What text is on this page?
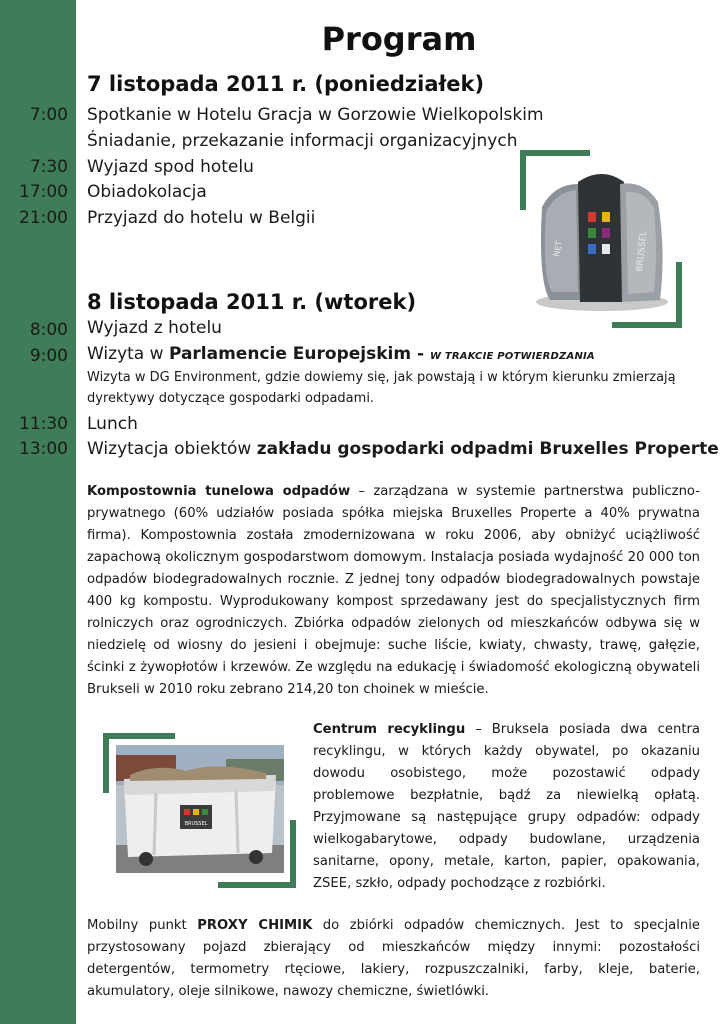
Program
7 listopada 2011 r. (poniedziałek)
7:00 Spotkanie w Hotelu Gracja w Gorzowie Wielkopolskim
Śniadanie, przekazanie informacji organizacyjnych
7:30 Wyjazd spod hotelu
17:00 Obiadokolacja
21:00 Przyjazd do hotelu w Belgii
NET	BRUSSEL
8 listopada 2011 r. (wtorek)
8:00 Wyjazd z hotelu
9:00 Wizyta w Parlamencie Europejskim - W TRAKCIE POTWIERDZANIA
Wizyta w DG Environment, gdzie dowiemy się, jak powstają i w którym kierunku zmierzają
dyrektywy dotyczące gospodarki odpadami.
11:30 Lunch
13:00 Wizytacja obiektów zakładu gospodarki odpadmi Bruxelles Properte
Kompostownia tunelowa odpadów – zarządzana w systemie partnerstwa publiczno-prywatnego (60% udziałów posiada spółka miejska Bruxelles Properte a 40% prywatna firma). Kompostownia została zmodernizowana w roku 2006, aby obniżyć uciążliwość zapachową okolicznym gospodarstwom domowym. Instalacja posiada wydajność 20 000 ton odpadów biodegradowalnych rocznie. Z jednej tony odpadów biodegradowalnych powstaje 400 kg kompostu. Wyprodukowany kompost sprzedawany jest do specjalistycznych firm rolniczych oraz ogrodniczych. Zbiórka odpadów zielonych od mieszkańców odbywa się w niedzielę od wiosny do jesieni i obejmuje: suche liście, kwiaty, chwasty, trawę, gałęzie, ścinki z żywopłotów i krzewów. Ze względu na edukację i świadomość ekologiczną obywateli Brukseli w 2010 roku zebrano 214,20 ton choinek w mieście.
BRUSSEL
Centrum recyklingu – Bruksela posiada dwa centra recyklingu, w których każdy obywatel, po okazaniu dowodu osobistego, może pozostawić odpady problemowe bezpłatnie, bądź za niewielką opłatą. Przyjmowane są następujące grupy odpadów: odpady wielkogabarytowe, odpady budowlane, urządzenia sanitarne, opony, metale, karton, papier, opakowania, ZSEE, szkło, odpady pochodzące z rozbiórki.
Mobilny punkt PROXY CHIMIK do zbiórki odpadów chemicznych. Jest to specjalnie przystosowany pojazd zbierający od mieszkańców między innymi: pozostałości detergentów, termometry rtęciowe, lakiery, rozpuszczalniki, farby, kleje, baterie, akumulatory, oleje silnikowe, nawozy chemiczne, świetlówki.
